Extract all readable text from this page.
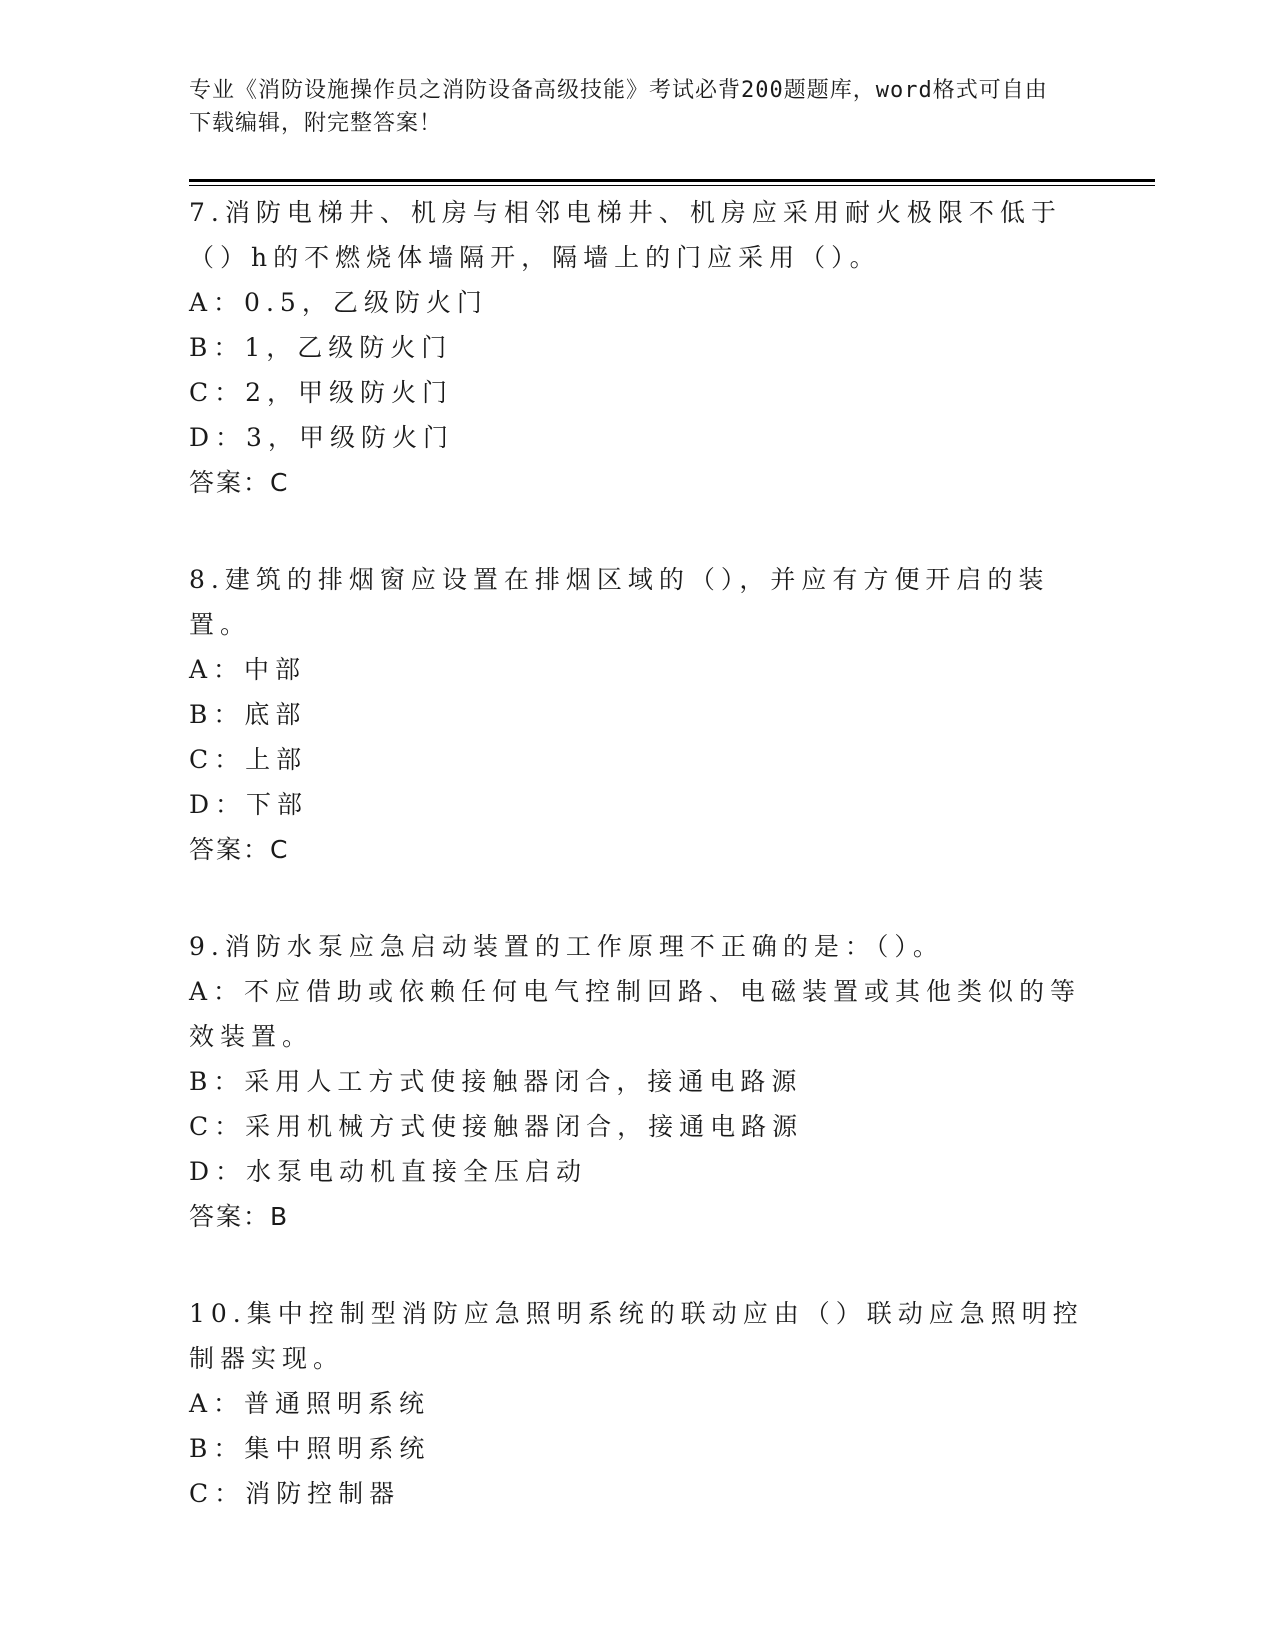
专业《消防设施操作员之消防设备高级技能》考试必背200题题库，word格式可自由下载编辑，附完整答案！
7.消防电梯井、机房与相邻电梯井、机房应采用耐火极限不低于（）h的不燃烧体墙隔开，隔墙上的门应采用（）。
A：0.5，乙级防火门
B：1，乙级防火门
C：2，甲级防火门
D：3，甲级防火门
答案：C
8.建筑的排烟窗应设置在排烟区域的（），并应有方便开启的装置。
A：中部
B：底部
C：上部
D：下部
答案：C
9.消防水泵应急启动装置的工作原理不正确的是：（）。
A：不应借助或依赖任何电气控制回路、电磁装置或其他类似的等效装置。
B：采用人工方式使接触器闭合，接通电路源
C：采用机械方式使接触器闭合，接通电路源
D：水泵电动机直接全压启动
答案：B
10.集中控制型消防应急照明系统的联动应由（）联动应急照明控制器实现。
A：普通照明系统
B：集中照明系统
C：消防控制器
